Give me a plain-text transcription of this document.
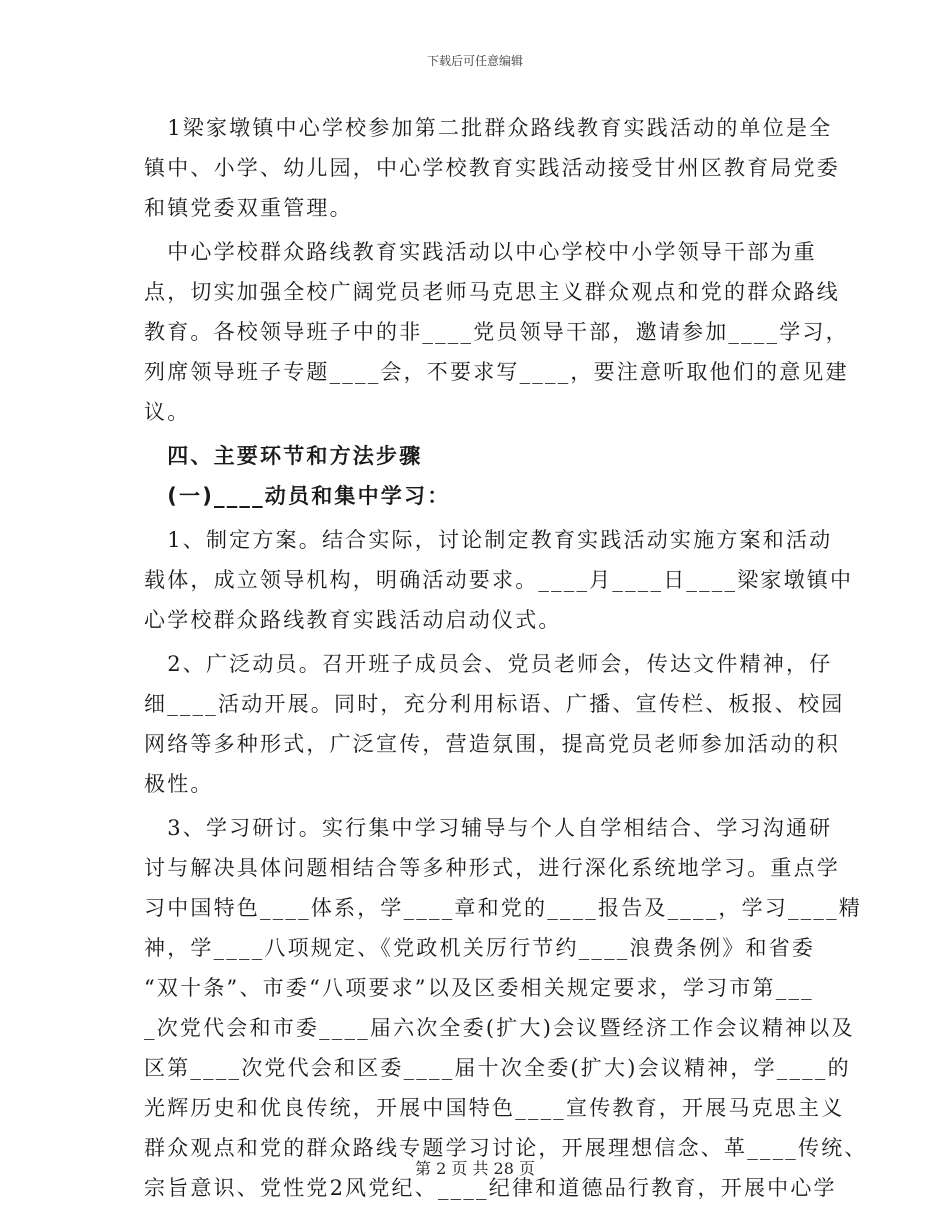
下载后可任意编辑
　1梁家墩镇中心学校参加第二批群众路线教育实践活动的单位是全
镇中、小学、幼儿园，中心学校教育实践活动接受甘州区教育局党委
和镇党委双重管理。
　中心学校群众路线教育实践活动以中心学校中小学领导干部为重
点，切实加强全校广阔党员老师马克思主义群众观点和党的群众路线
教育。各校领导班子中的非____党员领导干部，邀请参加____学习，
列席领导班子专题____会，不要求写____，要注意听取他们的意见建
议。
　四、主要环节和方法步骤
　(一)____动员和集中学习：
　1、制定方案。结合实际，讨论制定教育实践活动实施方案和活动
载体，成立领导机构，明确活动要求。____月____日____梁家墩镇中
心学校群众路线教育实践活动启动仪式。
　2、广泛动员。召开班子成员会、党员老师会，传达文件精神，仔
细____活动开展。同时，充分利用标语、广播、宣传栏、板报、校园
网络等多种形式，广泛宣传，营造氛围，提高党员老师参加活动的积
极性。
　3、学习研讨。实行集中学习辅导与个人自学相结合、学习沟通研
讨与解决具体问题相结合等多种形式，进行深化系统地学习。重点学
习中国特色____体系，学____章和党的____报告及____，学习____精
神，学____八项规定、《党政机关厉行节约____浪费条例》和省委
“双十条”、市委“八项要求”以及区委相关规定要求，学习市第___
_次党代会和市委____届六次全委(扩大)会议暨经济工作会议精神以及
区第____次党代会和区委____届十次全委(扩大)会议精神，学____的
光辉历史和优良传统，开展中国特色____宣传教育，开展马克思主义
群众观点和党的群众路线专题学习讨论，开展理想信念、革____传统、
宗旨意识、党性党2风党纪、____纪律和道德品行教育，开展中心学
第 2 页 共 28 页
